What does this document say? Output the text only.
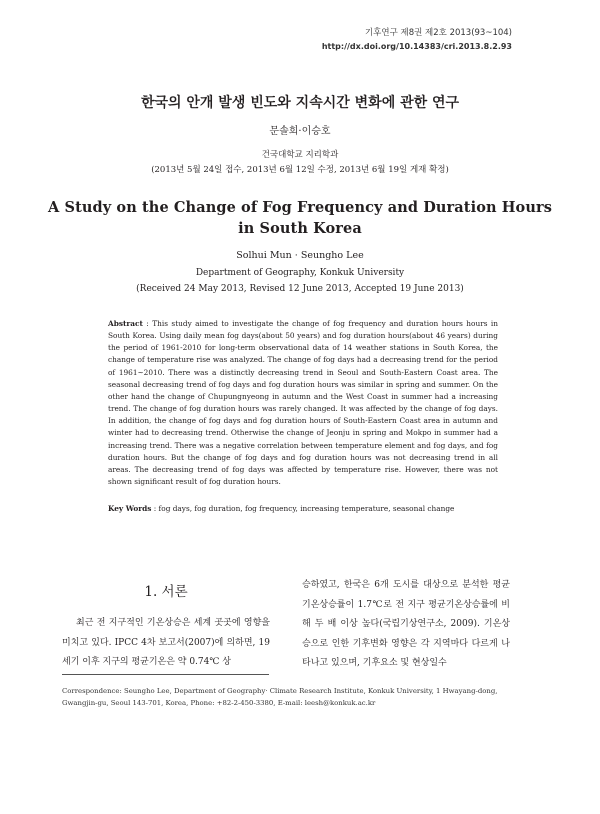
기후연구 제8권 제2호 2013(93~104)
http://dx.doi.org/10.14383/cri.2013.8.2.93
한국의 안개 발생 빈도와 지속시간 변화에 관한 연구
문솔희·이승호
건국대학교 지리학과
(2013년 5월 24일 접수, 2013년 6월 12일 수정, 2013년 6월 19일 게재 확정)
A Study on the Change of Fog Frequency and Duration Hours
in South Korea
Solhui Mun · Seungho Lee
Department of Geography, Konkuk University
(Received 24 May 2013, Revised 12 June 2013, Accepted 19 June 2013)
Abstract : This study aimed to investigate the change of fog frequency and duration hours hours in South Korea. Using daily mean fog days(about 50 years) and fog duration hours(about 46 years) during the period of 1961-2010 for long-term observational data of 14 weather stations in South Korea, the change of temperature rise was analyzed. The change of fog days had a decreasing trend for the period of 1961~2010. There was a distinctly decreasing trend in Seoul and South-Eastern Coast area. The seasonal decreasing trend of fog days and fog duration hours was similar in spring and summer. On the other hand the change of Chupungnyeong in autumn and the West Coast in summer had a increasing trend. The change of fog duration hours was rarely changed. It was affected by the change of fog days. In addition, the change of fog days and fog duration hours of South-Eastern Coast area in autumn and winter had to decreasing trend. Otherwise the change of Jeonju in spring and Mokpo in summer had a increasing trend. There was a negative correlation between temperature element and fog days, and fog duration hours. But the change of fog days and fog duration hours was not decreasing trend in all areas. The decreasing trend of fog days was affected by temperature rise. However, there was not shown significant result of fog duration hours.
Key Words : fog days, fog duration, fog frequency, increasing temperature, seasonal change
1. 서론

최근 전 지구적인 기온상승은 세계 곳곳에 영향을 미치고 있다. IPCC 4차 보고서(2007)에 의하면, 19세기 이후 지구의 평균기온은 약 0.74℃ 상

승하였고, 한국은 6개 도시를 대상으로 분석한 평균기온상승률이 1.7℃로 전 지구 평균기온상승률에 비해 두 배 이상 높다(국립기상연구소, 2009). 기온상승으로 인한 기후변화 영향은 각 지역마다 다르게 나타나고 있으며, 기후요소 및 현상일수

Correspondence: Seungho Lee, Department of Geography· Climate Research Institute, Konkuk University, 1 Hwayang-dong, Gwangjin-gu, Seoul 143-701, Korea, Phone: +82-2-450-3380, E-mail: leesh@konkuk.ac.kr
